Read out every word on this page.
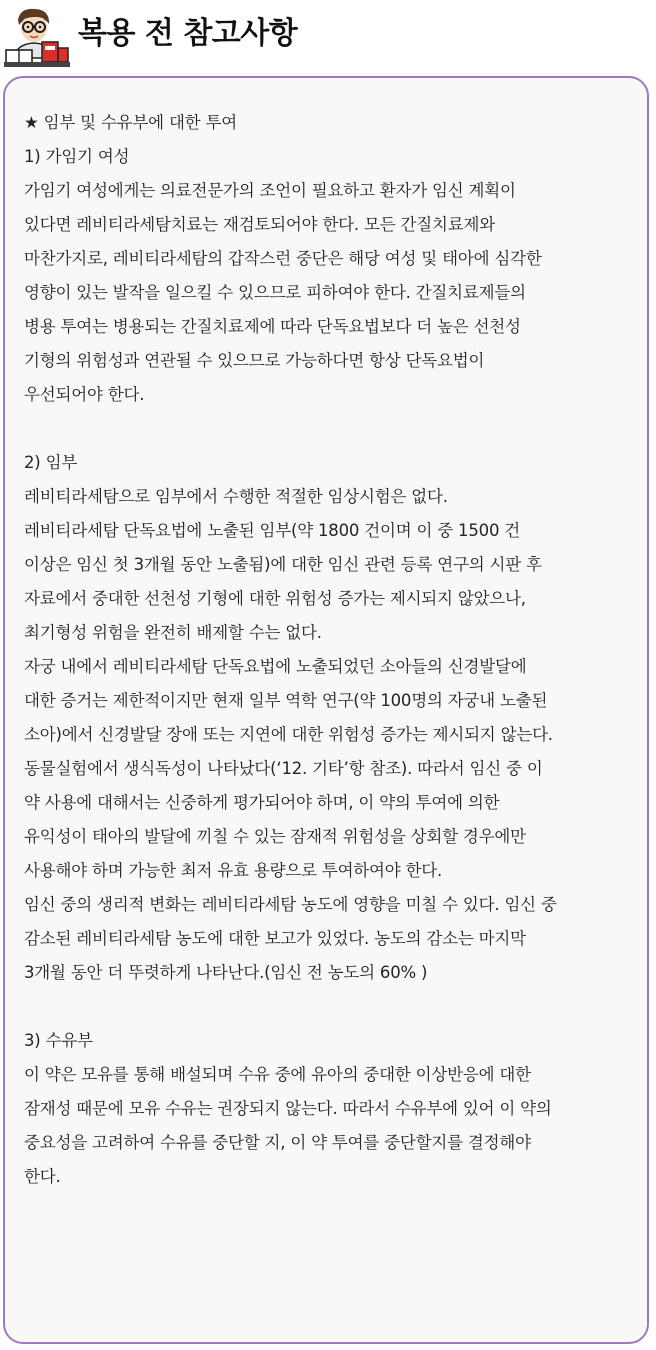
복용 전 참고사항
★ 임부 및 수유부에 대한 투여
1) 가임기 여성
가임기 여성에게는 의료전문가의 조언이 필요하고 환자가 임신 계획이
있다면 레비티라세탐치료는 재검토되어야 한다. 모든 간질치료제와
마찬가지로, 레비티라세탐의 갑작스런 중단은 해당 여성 및 태아에 심각한
영향이 있는 발작을 일으킬 수 있으므로 피하여야 한다. 간질치료제들의
병용 투여는 병용되는 간질치료제에 따라 단독요법보다 더 높은 선천성
기형의 위험성과 연관될 수 있으므로 가능하다면 항상 단독요법이
우선되어야 한다.
2) 임부
레비티라세탐으로 임부에서 수행한 적절한 임상시험은 없다.
레비티라세탐 단독요법에 노출된 임부(약 1800 건이며 이 중 1500 건
이상은 임신 첫 3개월 동안 노출됨)에 대한 임신 관련 등록 연구의 시판 후
자료에서 중대한 선천성 기형에 대한 위험성 증가는 제시되지 않았으나,
최기형성 위험을 완전히 배제할 수는 없다.
자궁 내에서 레비티라세탐 단독요법에 노출되었던 소아들의 신경발달에
대한 증거는 제한적이지만 현재 일부 역학 연구(약 100명의 자궁내 노출된
소아)에서 신경발달 장애 또는 지연에 대한 위험성 증가는 제시되지 않는다.
동물실험에서 생식독성이 나타났다(‘12. 기타’항 참조). 따라서 임신 중 이
약 사용에 대해서는 신중하게 평가되어야 하며, 이 약의 투여에 의한
유익성이 태아의 발달에 끼칠 수 있는 잠재적 위험성을 상회할 경우에만
사용해야 하며 가능한 최저 유효 용량으로 투여하여야 한다.
임신 중의 생리적 변화는 레비티라세탐 농도에 영향을 미칠 수 있다. 임신 중
감소된 레비티라세탐 농도에 대한 보고가 있었다. 농도의 감소는 마지막
3개월 동안 더 뚜렷하게 나타난다.(임신 전 농도의 60% )
3) 수유부
이 약은 모유를 통해 배설되며 수유 중에 유아의 중대한 이상반응에 대한
잠재성 때문에 모유 수유는 권장되지 않는다. 따라서 수유부에 있어 이 약의
중요성을 고려하여 수유를 중단할 지, 이 약 투여를 중단할지를 결정해야
한다.
